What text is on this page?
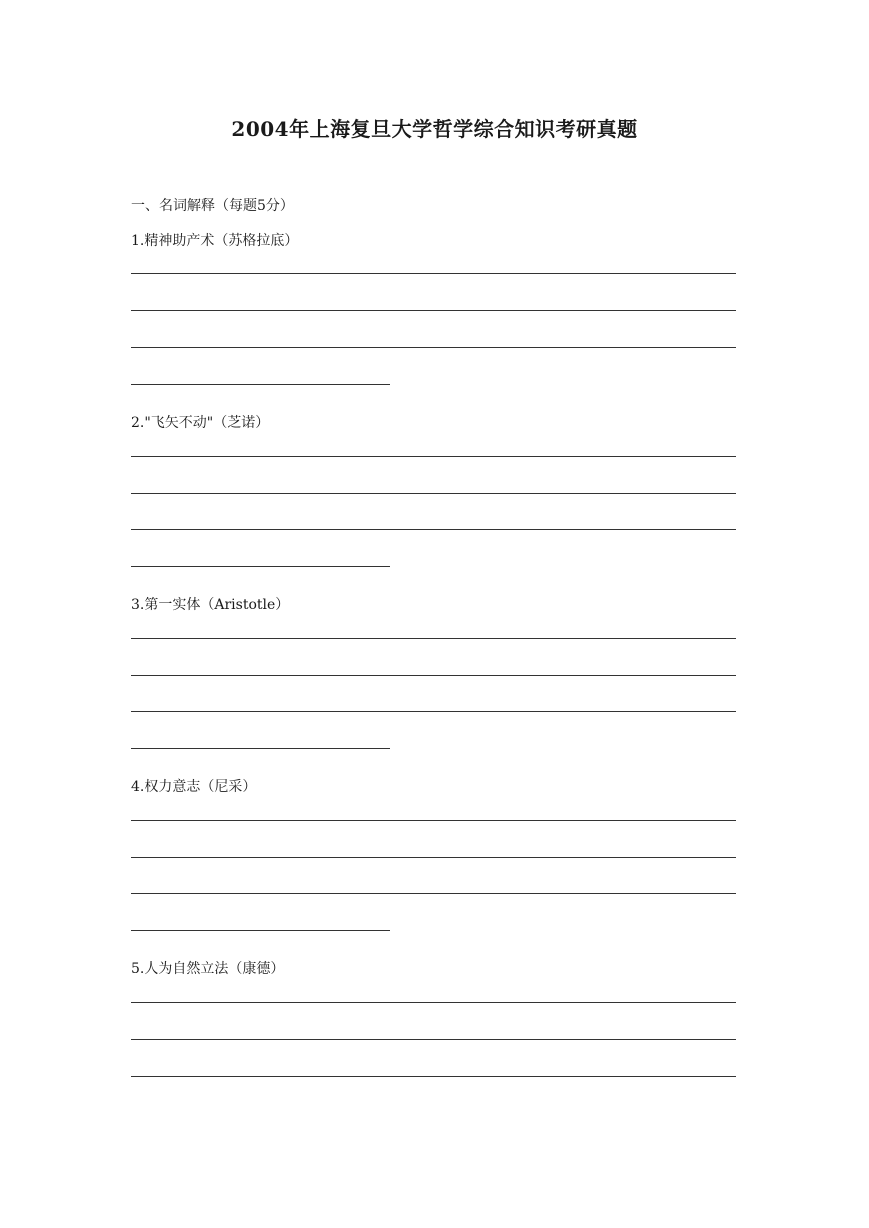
2004年上海复旦大学哲学综合知识考研真题
一、名词解释（每题5分）
1.精神助产术（苏格拉底）
2."飞矢不动"（芝诺）
3.第一实体（Aristotle）
4.权力意志（尼采）
5.人为自然立法（康德）
